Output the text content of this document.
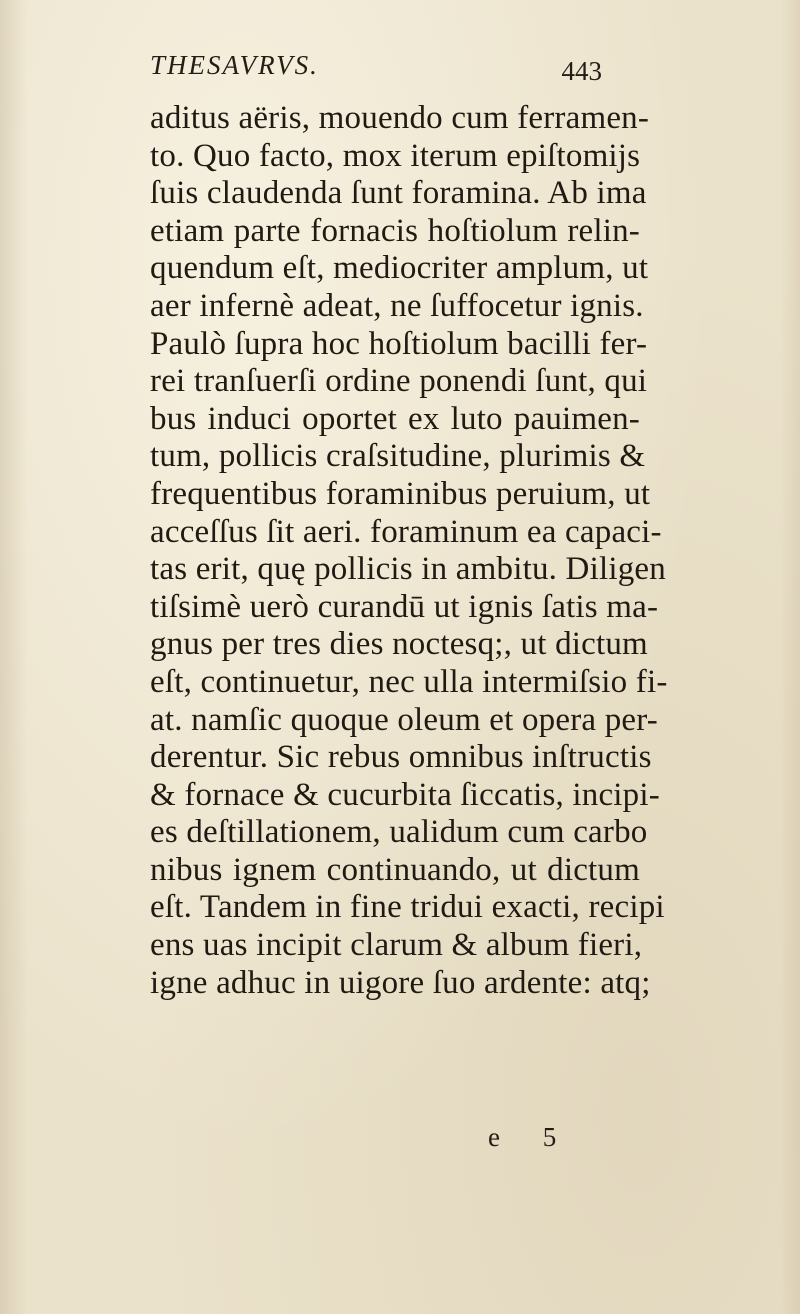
THESAVRVS.	443
aditus aëris, mouendo cum ferramen-
to. Quo facto, mox iterum epiſtomijs
ſuis claudenda ſunt foramina. Ab ima
etiam parte fornacis hoſtiolum relin-
quendum eſt, mediocriter amplum, ut
aer infernè adeat, ne ſuffocetur ignis.
Paulò ſupra hoc hoſtiolum bacilli fer-
rei tranſuerſi ordine ponendi ſunt, qui
bus induci oportet ex luto pauimen-
tum, pollicis craſsitudine, plurimis &
frequentibus foraminibus peruium, ut
acceſſus ſit aeri. foraminum ea capaci-
tas erit, quę pollicis in ambitu. Diligen
tiſsimè uerò curandū ut ignis ſatis ma-
gnus per tres dies noctesq;, ut dictum
eſt, continuetur, nec ulla intermiſsio fi-
at. namſic quoque oleum et opera per-
derentur. Sic rebus omnibus inſtructis
& fornace & cucurbita ſiccatis, incipi-
es deſtillationem, ualidum cum carbo
nibus ignem continuando, ut dictum
eſt. Tandem in fine tridui exacti, recipi
ens uas incipit clarum & album fieri,
igne adhuc in uigore ſuo ardente: atq;
e 5
